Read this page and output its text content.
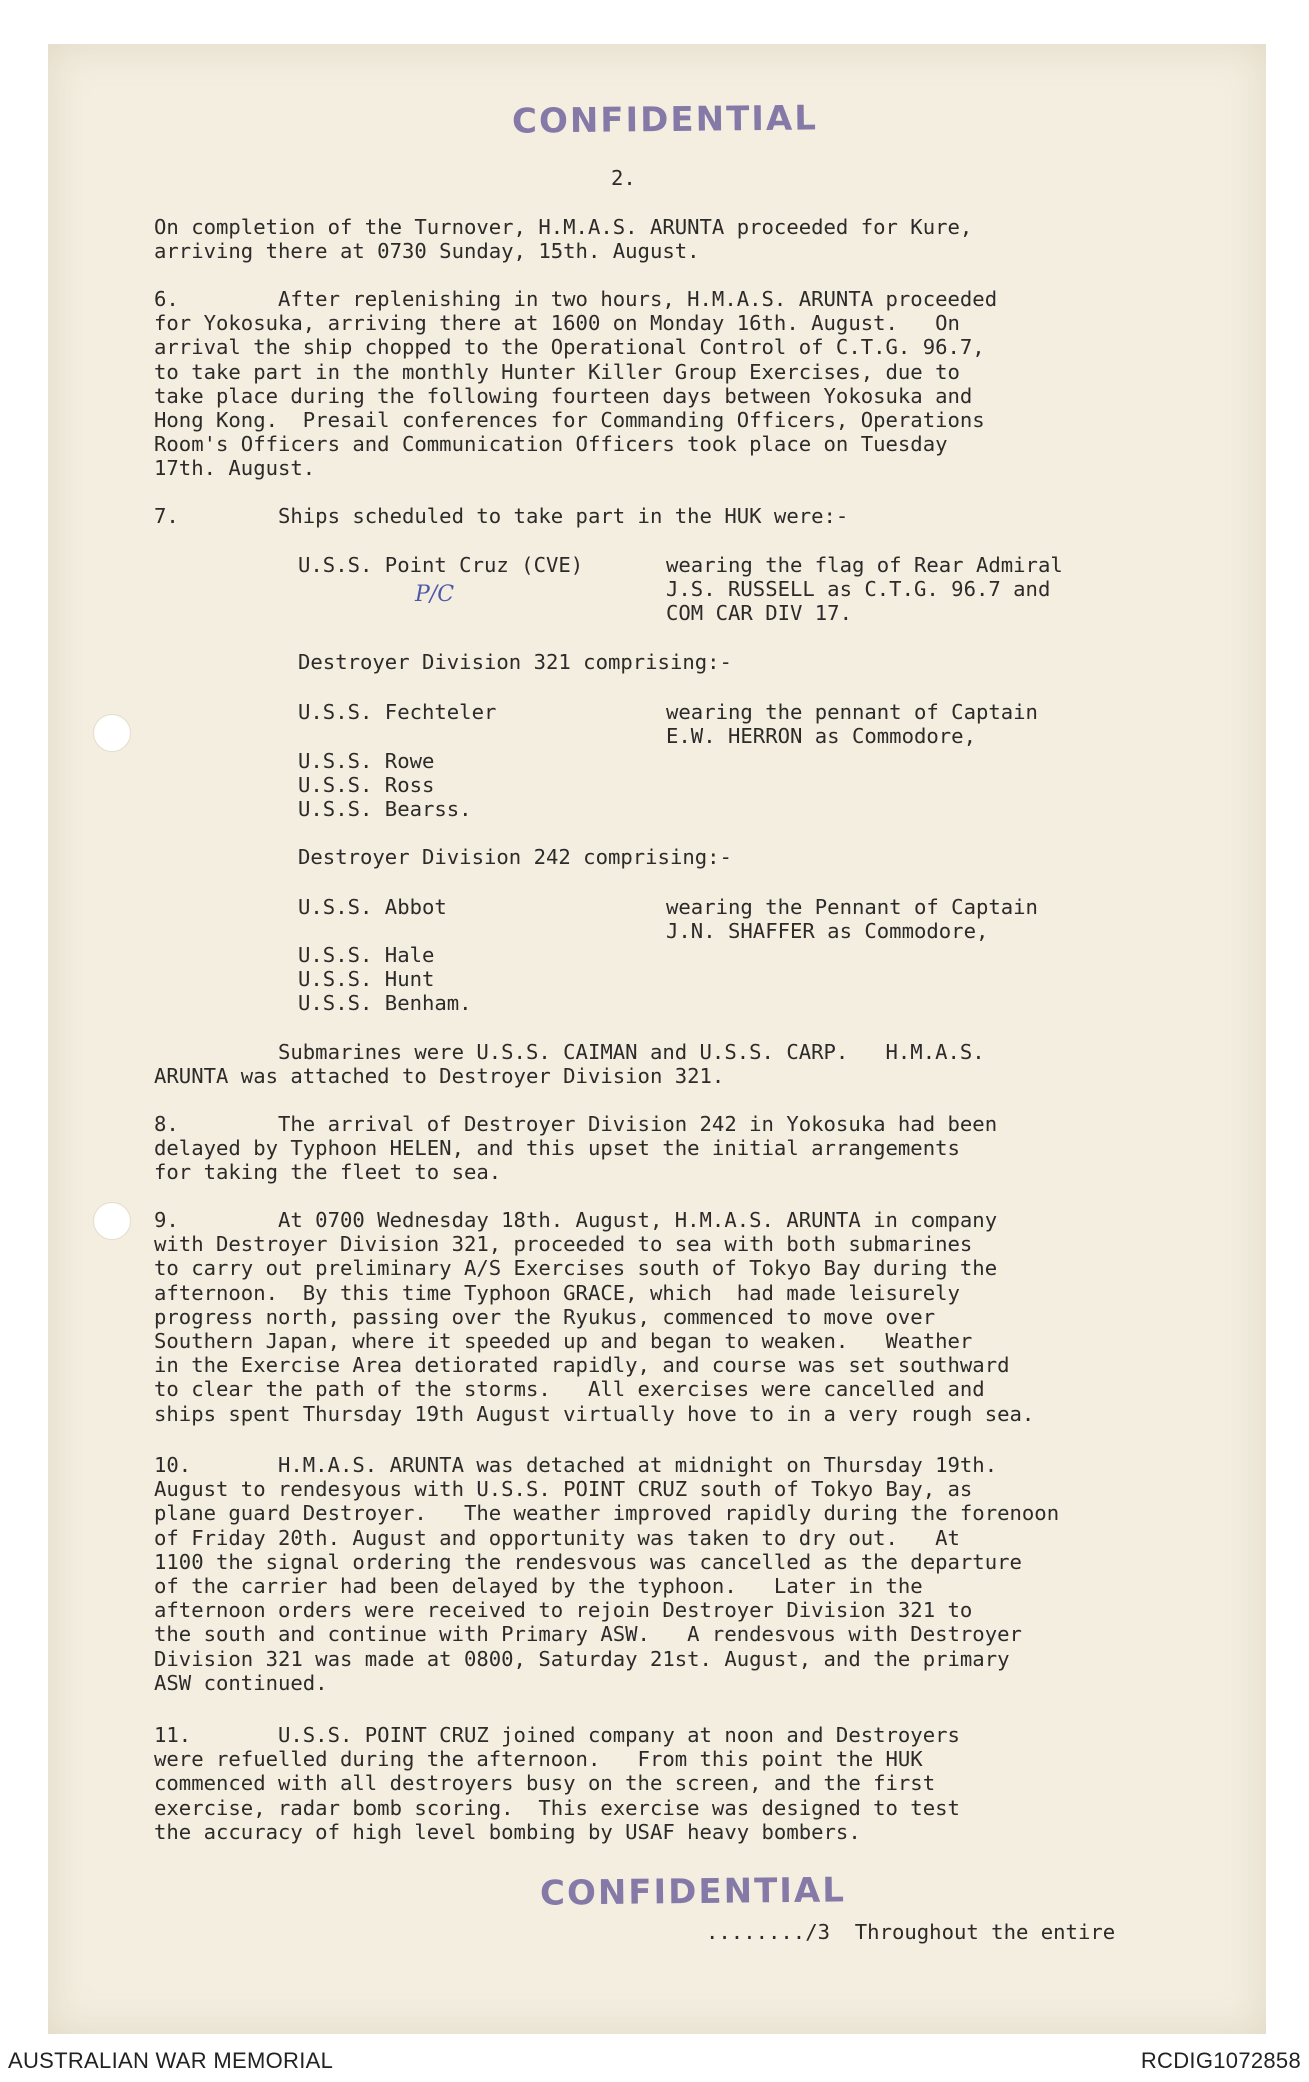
CONFIDENTIAL
2.
On completion of the Turnover, H.M.A.S. ARUNTA proceeded for Kure,
arriving there at 0730 Sunday, 15th. August.
6.        After replenishing in two hours, H.M.A.S. ARUNTA proceeded
for Yokosuka, arriving there at 1600 on Monday 16th. August.   On
arrival the ship chopped to the Operational Control of C.T.G. 96.7,
to take part in the monthly Hunter Killer Group Exercises, due to
take place during the following fourteen days between Yokosuka and
Hong Kong.  Presail conferences for Commanding Officers, Operations
Room's Officers and Communication Officers took place on Tuesday
17th. August.
7.        Ships scheduled to take part in the HUK were:-
U.S.S. Point Cruz (CVE)	wearing the flag of Rear Admiral
J.S. RUSSELL as C.T.G. 96.7 and
COM CAR DIV 17.
P/C
Destroyer Division 321 comprising:-
U.S.S. Fechteler	wearing the pennant of Captain
E.W. HERRON as Commodore,
U.S.S. Rowe
U.S.S. Ross
U.S.S. Bearss.
Destroyer Division 242 comprising:-
U.S.S. Abbot	wearing the Pennant of Captain
J.N. SHAFFER as Commodore,
U.S.S. Hale
U.S.S. Hunt
U.S.S. Benham.
Submarines were U.S.S. CAIMAN and U.S.S. CARP.   H.M.A.S.
ARUNTA was attached to Destroyer Division 321.
8.        The arrival of Destroyer Division 242 in Yokosuka had been
delayed by Typhoon HELEN, and this upset the initial arrangements
for taking the fleet to sea.
9.        At 0700 Wednesday 18th. August, H.M.A.S. ARUNTA in company
with Destroyer Division 321, proceeded to sea with both submarines
to carry out preliminary A/S Exercises south of Tokyo Bay during the
afternoon.  By this time Typhoon GRACE, which  had made leisurely
progress north, passing over the Ryukus, commenced to move over
Southern Japan, where it speeded up and began to weaken.   Weather
in the Exercise Area detiorated rapidly, and course was set southward
to clear the path of the storms.   All exercises were cancelled and
ships spent Thursday 19th August virtually hove to in a very rough sea.
10.       H.M.A.S. ARUNTA was detached at midnight on Thursday 19th.
August to rendesyous with U.S.S. POINT CRUZ south of Tokyo Bay, as
plane guard Destroyer.   The weather improved rapidly during the forenoon
of Friday 20th. August and opportunity was taken to dry out.   At
1100 the signal ordering the rendesvous was cancelled as the departure
of the carrier had been delayed by the typhoon.   Later in the
afternoon orders were received to rejoin Destroyer Division 321 to
the south and continue with Primary ASW.   A rendesvous with Destroyer
Division 321 was made at 0800, Saturday 21st. August, and the primary
ASW continued.
11.       U.S.S. POINT CRUZ joined company at noon and Destroyers
were refuelled during the afternoon.   From this point the HUK
commenced with all destroyers busy on the screen, and the first
exercise, radar bomb scoring.  This exercise was designed to test
the accuracy of high level bombing by USAF heavy bombers.
CONFIDENTIAL
......../3  Throughout the entire
AUSTRALIAN WAR MEMORIAL	RCDIG1072858
